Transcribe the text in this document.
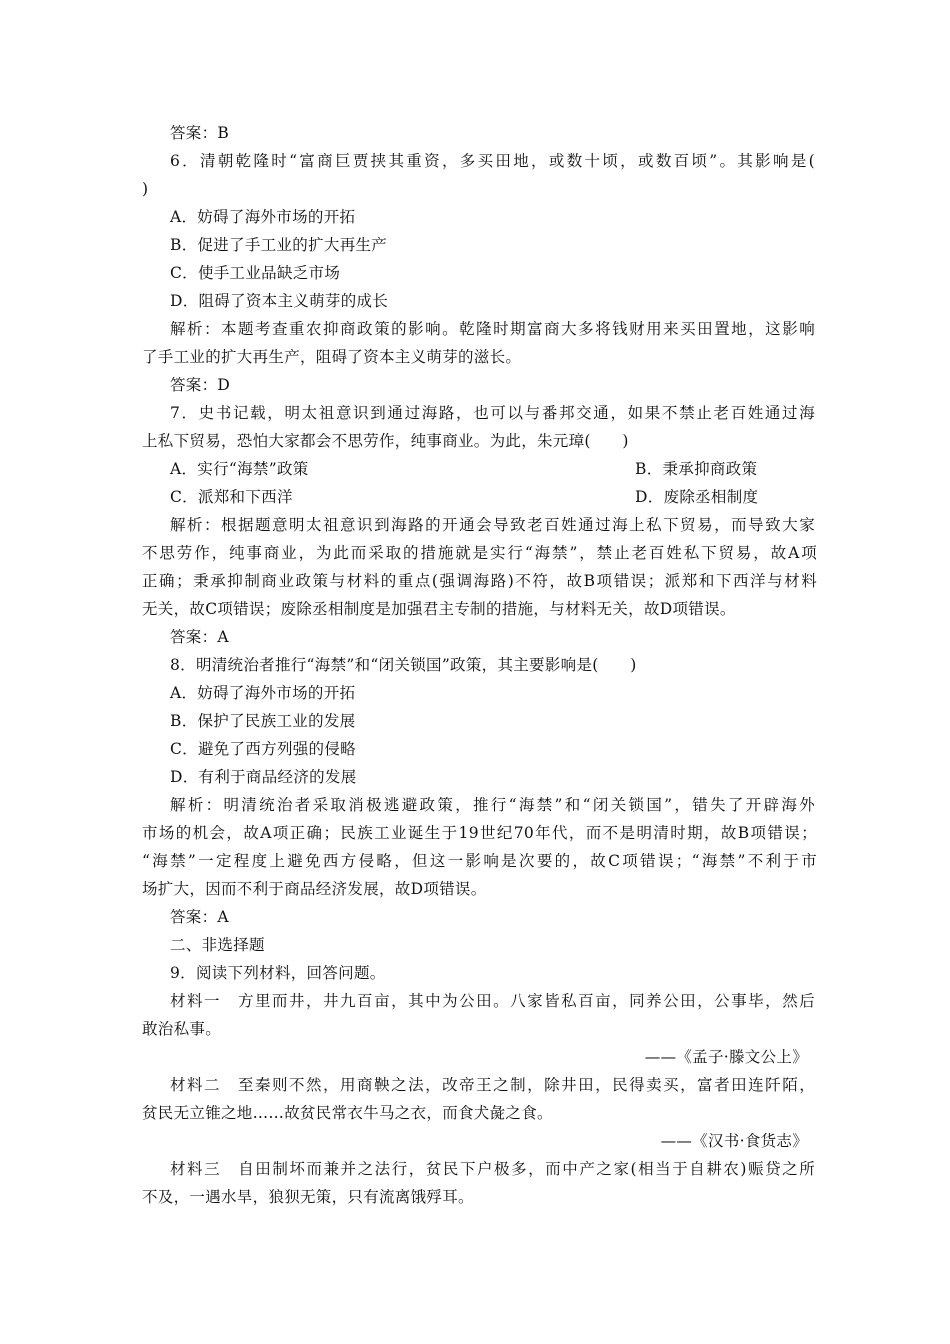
答案：B
6．清朝乾隆时“富商巨贾挟其重资，多买田地，或数十顷，或数百顷”。其影响是(
)
A．妨碍了海外市场的开拓
B．促进了手工业的扩大再生产
C．使手工业品缺乏市场
D．阻碍了资本主义萌芽的成长
解析：本题考查重农抑商政策的影响。乾隆时期富商大多将钱财用来买田置地，这影响
了手工业的扩大再生产，阻碍了资本主义萌芽的滋长。
答案：D
7．史书记载，明太祖意识到通过海路，也可以与番邦交通，如果不禁止老百姓通过海
上私下贸易，恐怕大家都会不思劳作，纯事商业。为此，朱元璋(　　)
A．实行“海禁”政策	B．秉承抑商政策
C．派郑和下西洋	D．废除丞相制度
解析：根据题意明太祖意识到海路的开通会导致老百姓通过海上私下贸易，而导致大家
不思劳作，纯事商业，为此而采取的措施就是实行“海禁”，禁止老百姓私下贸易，故A项
正确；秉承抑制商业政策与材料的重点(强调海路)不符，故B项错误；派郑和下西洋与材料
无关，故C项错误；废除丞相制度是加强君主专制的措施，与材料无关，故D项错误。
答案：A
8．明清统治者推行“海禁”和“闭关锁国”政策，其主要影响是(　　)
A．妨碍了海外市场的开拓
B．保护了民族工业的发展
C．避免了西方列强的侵略
D．有利于商品经济的发展
解析：明清统治者采取消极逃避政策，推行“海禁”和“闭关锁国”，错失了开辟海外
市场的机会，故A项正确；民族工业诞生于19世纪70年代，而不是明清时期，故B项错误；
“海禁”一定程度上避免西方侵略，但这一影响是次要的，故C项错误；“海禁”不利于市
场扩大，因而不利于商品经济发展，故D项错误。
答案：A
二、非选择题
9．阅读下列材料，回答问题。
材料一　方里而井，井九百亩，其中为公田。八家皆私百亩，同养公田，公事毕，然后
敢治私事。
——《孟子·滕文公上》
材料二　至秦则不然，用商鞅之法，改帝王之制，除井田，民得卖买，富者田连阡陌，
贫民无立锥之地……故贫民常衣牛马之衣，而食犬彘之食。
——《汉书·食货志》
材料三　自田制坏而兼并之法行，贫民下户极多，而中产之家(相当于自耕农)赈贷之所
不及，一遇水旱，狼狈无策，只有流离饿殍耳。
